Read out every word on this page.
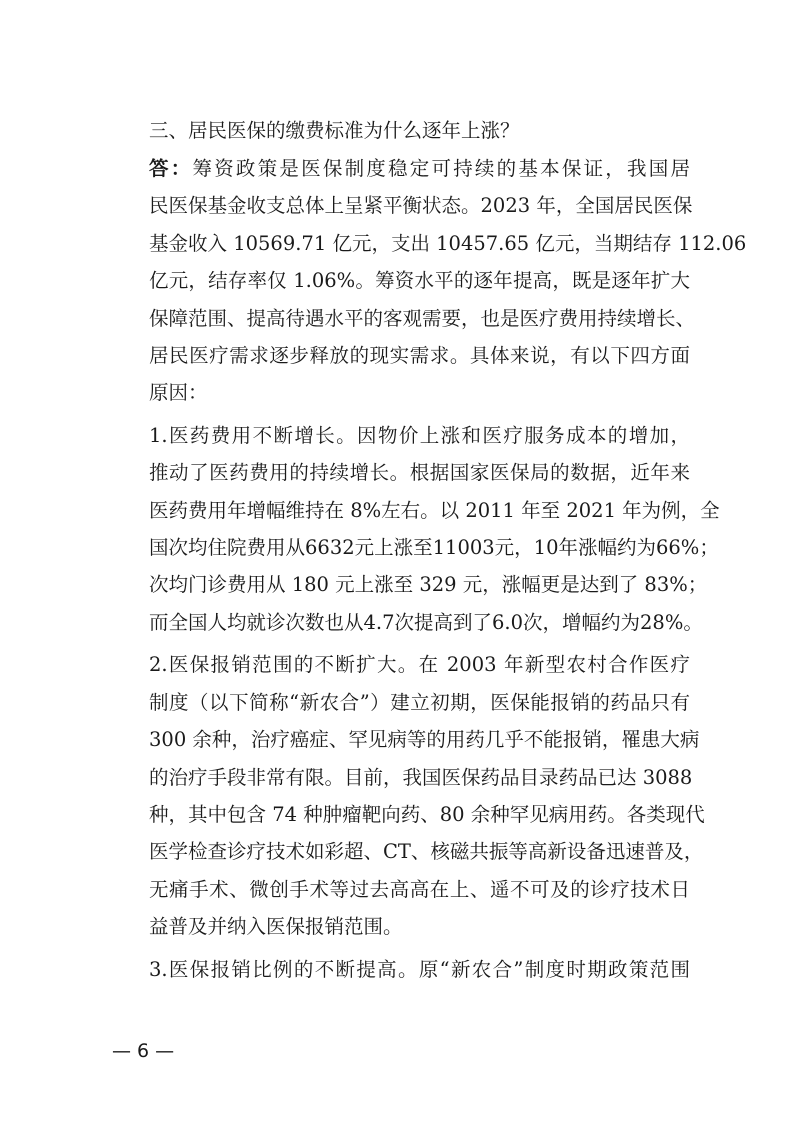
三、居民医保的缴费标准为什么逐年上涨？

答：筹资政策是医保制度稳定可持续的基本保证，我国居
民医保基金收支总体上呈紧平衡状态。2023 年，全国居民医保
基金收入 10569.71 亿元，支出 10457.65 亿元，当期结存 112.06
亿元，结存率仅 1.06%。筹资水平的逐年提高，既是逐年扩大
保障范围、提高待遇水平的客观需要，也是医疗费用持续增长、
居民医疗需求逐步释放的现实需求。具体来说，有以下四方面
原因：

1.医药费用不断增长。因物价上涨和医疗服务成本的增加，
推动了医药费用的持续增长。根据国家医保局的数据，近年来
医药费用年增幅维持在 8%左右。以 2011 年至 2021 年为例，全
国次均住院费用从6632元上涨至11003元，10年涨幅约为66%；
次均门诊费用从 180 元上涨至 329 元，涨幅更是达到了 83%；
而全国人均就诊次数也从4.7次提高到了6.0次，增幅约为28%。

2.医保报销范围的不断扩大。在 2003 年新型农村合作医疗
制度（以下简称“新农合”）建立初期，医保能报销的药品只有
300 余种，治疗癌症、罕见病等的用药几乎不能报销，罹患大病
的治疗手段非常有限。目前，我国医保药品目录药品已达 3088
种，其中包含 74 种肿瘤靶向药、80 余种罕见病用药。各类现代
医学检查诊疗技术如彩超、CT、核磁共振等高新设备迅速普及，
无痛手术、微创手术等过去高高在上、遥不可及的诊疗技术日
益普及并纳入医保报销范围。

3.医保报销比例的不断提高。原“新农合”制度时期政策范围

— 6 —
